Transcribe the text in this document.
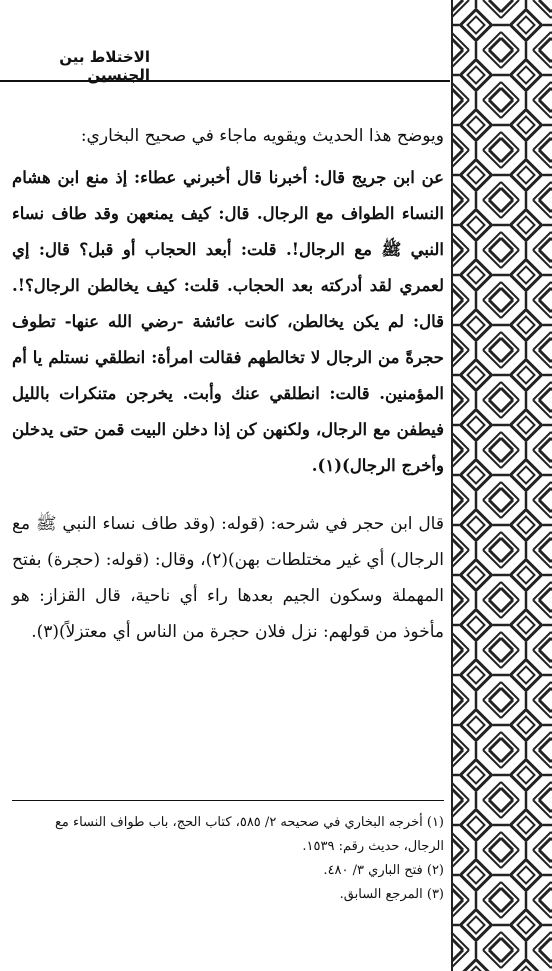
الاختلاط بين الجنسين

ويوضح هذا الحديث ويقويه ماجاء في صحيح البخاري:

عن ابن جريج قال: أخبرنا قال أخبرني عطاء: إذ منع ابن هشام النساء الطواف مع الرجال. قال: كيف يمنعهن وقد طاف نساء النبي ﷺ مع الرجال!. قلت: أبعد الحجاب أو قبل؟ قال: إي لعمري لقد أدركته بعد الحجاب. قلت: كيف يخالطن الرجال؟!. قال: لم يكن يخالطن، كانت عائشة -رضي الله عنها- تطوف حجرةً من الرجال لا تخالطهم فقالت امرأة: انطلقي نستلم يا أم المؤمنين. قالت: انطلقي عنك وأبت. يخرجن متنكرات بالليل فيطفن مع الرجال، ولكنهن كن إذا دخلن البيت قمن حتى يدخلن وأخرج الرجال)(١).

قال ابن حجر في شرحه: (قوله: (وقد طاف نساء النبي ﷺ مع الرجال) أي غير مختلطات بهن)(٢)، وقال: (قوله: (حجرة) بفتح المهملة وسكون الجيم بعدها راء أي ناحية، قال القزاز: هو مأخوذ من قولهم: نزل فلان حجرة من الناس أي معتزلاً)(٣).

(١) أخرجه البخاري في صحيحه ٢/ ٥٨٥، كتاب الحج، باب طواف النساء مع الرجال، حديث رقم: ١٥٣٩.

(٢) فتح الباري ٣/ ٤٨٠.

(٣) المرجع السابق.
